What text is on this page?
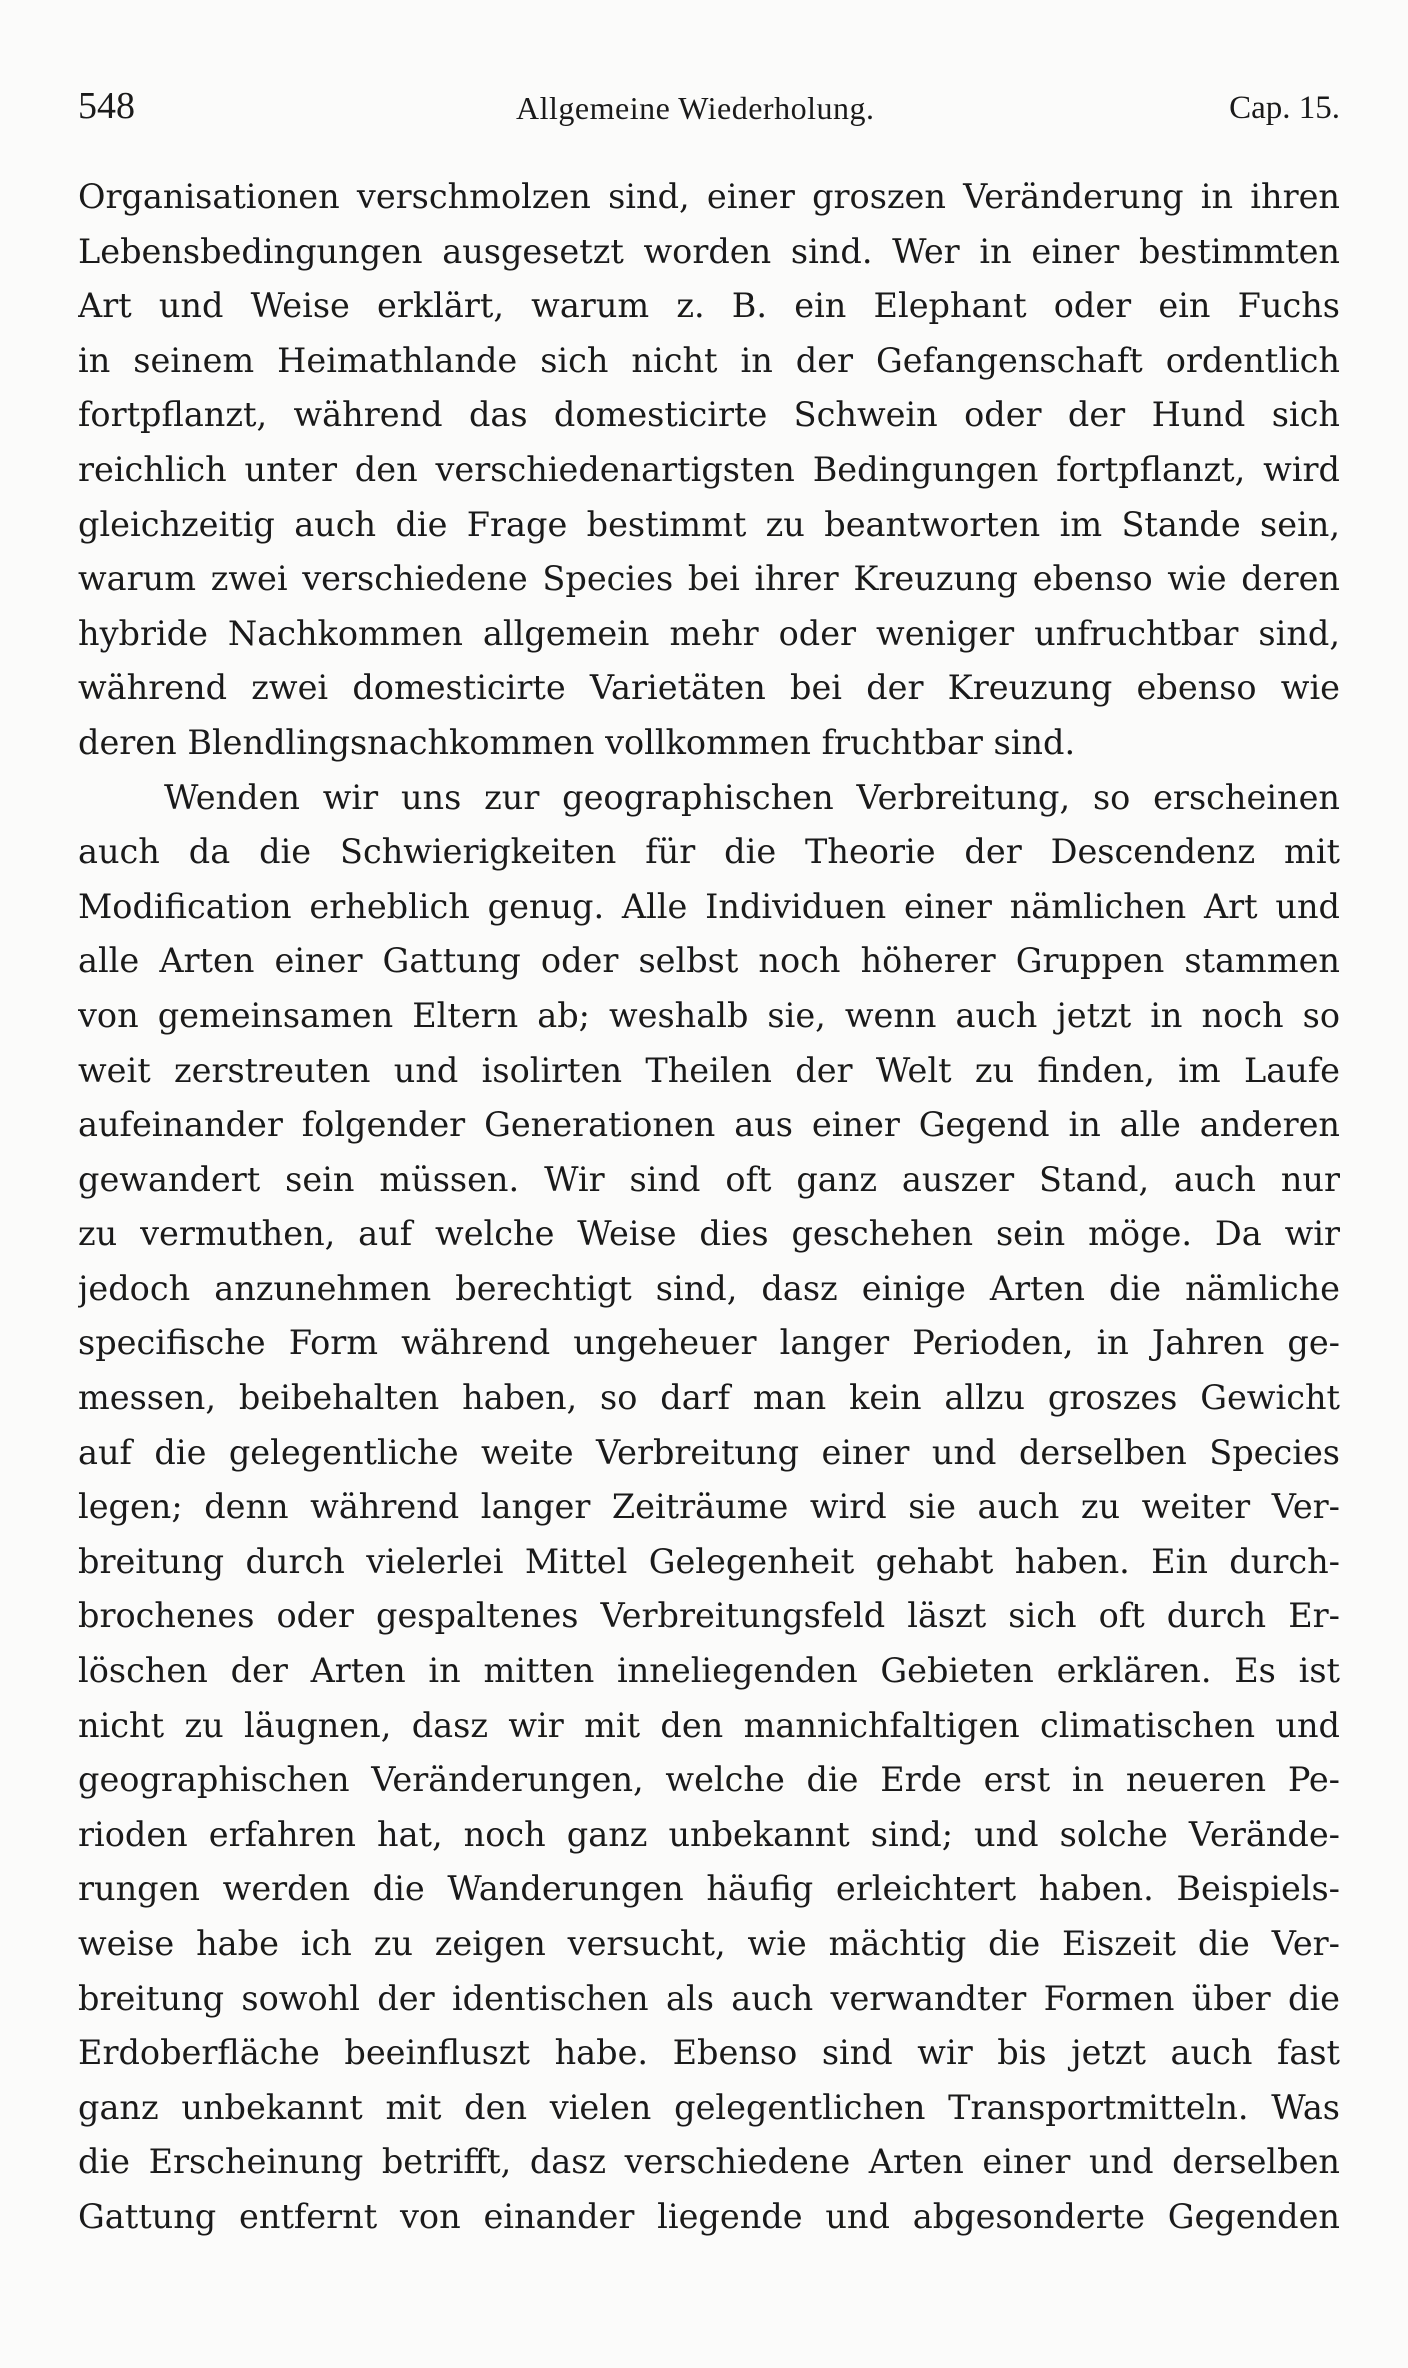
548	Allgemeine Wiederholung.	Cap. 15.
Organisationen verschmolzen sind, einer groszen Veränderung in ihren
Lebensbedingungen ausgesetzt worden sind. Wer in einer bestimmten
Art und Weise erklärt, warum z. B. ein Elephant oder ein Fuchs
in seinem Heimathlande sich nicht in der Gefangenschaft ordentlich
fortpflanzt, während das domesticirte Schwein oder der Hund sich
reichlich unter den verschiedenartigsten Bedingungen fortpflanzt, wird
gleichzeitig auch die Frage bestimmt zu beantworten im Stande sein,
warum zwei verschiedene Species bei ihrer Kreuzung ebenso wie deren
hybride Nachkommen allgemein mehr oder weniger unfruchtbar sind,
während zwei domesticirte Varietäten bei der Kreuzung ebenso wie
deren Blendlingsnachkommen vollkommen fruchtbar sind.
Wenden wir uns zur geographischen Verbreitung, so erscheinen
auch da die Schwierigkeiten für die Theorie der Descendenz mit
Modification erheblich genug. Alle Individuen einer nämlichen Art und
alle Arten einer Gattung oder selbst noch höherer Gruppen stammen
von gemeinsamen Eltern ab; weshalb sie, wenn auch jetzt in noch so
weit zerstreuten und isolirten Theilen der Welt zu finden, im Laufe
aufeinander folgender Generationen aus einer Gegend in alle anderen
gewandert sein müssen. Wir sind oft ganz auszer Stand, auch nur
zu vermuthen, auf welche Weise dies geschehen sein möge. Da wir
jedoch anzunehmen berechtigt sind, dasz einige Arten die nämliche
specifische Form während ungeheuer langer Perioden, in Jahren ge-
messen, beibehalten haben, so darf man kein allzu groszes Gewicht
auf die gelegentliche weite Verbreitung einer und derselben Species
legen; denn während langer Zeiträume wird sie auch zu weiter Ver-
breitung durch vielerlei Mittel Gelegenheit gehabt haben. Ein durch-
brochenes oder gespaltenes Verbreitungsfeld läszt sich oft durch Er-
löschen der Arten in mitten inneliegenden Gebieten erklären. Es ist
nicht zu läugnen, dasz wir mit den mannichfaltigen climatischen und
geographischen Veränderungen, welche die Erde erst in neueren Pe-
rioden erfahren hat, noch ganz unbekannt sind; und solche Verände-
rungen werden die Wanderungen häufig erleichtert haben. Beispiels-
weise habe ich zu zeigen versucht, wie mächtig die Eiszeit die Ver-
breitung sowohl der identischen als auch verwandter Formen über die
Erdoberfläche beeinfluszt habe. Ebenso sind wir bis jetzt auch fast
ganz unbekannt mit den vielen gelegentlichen Transportmitteln. Was
die Erscheinung betrifft, dasz verschiedene Arten einer und derselben
Gattung entfernt von einander liegende und abgesonderte Gegenden
